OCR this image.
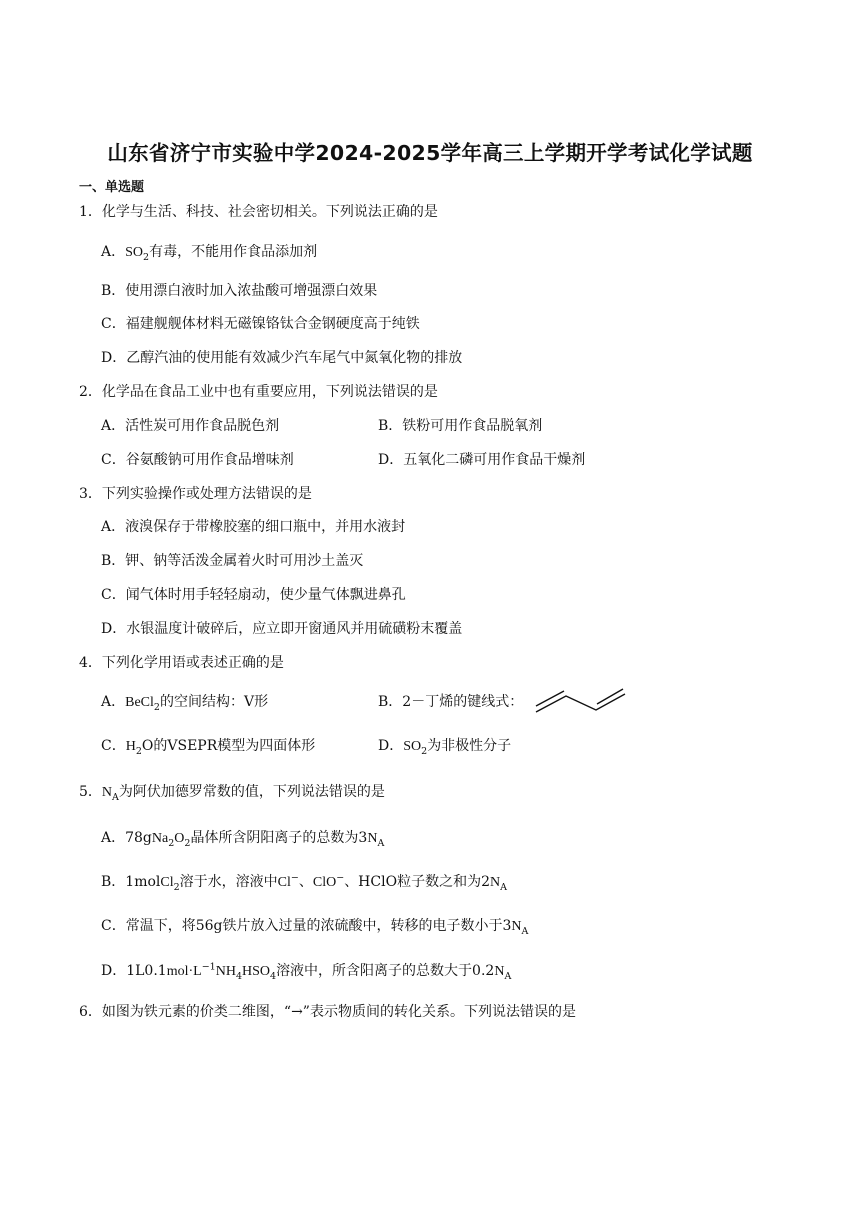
山东省济宁市实验中学2024-2025学年高三上学期开学考试化学试题
一、单选题
1．化学与生活、科技、社会密切相关。下列说法正确的是
A．$SO_2$有毒，不能用作食品添加剂
B．使用漂白液时加入浓盐酸可增强漂白效果
C．福建舰舰体材料无磁镍铬钛合金钢硬度高于纯铁
D．乙醇汽油的使用能有效减少汽车尾气中氮氧化物的排放
2．化学品在食品工业中也有重要应用，下列说法错误的是
A．活性炭可用作食品脱色剂	B．铁粉可用作食品脱氧剂
C．谷氨酸钠可用作食品增味剂	D．五氧化二磷可用作食品干燥剂
3．下列实验操作或处理方法错误的是
A．液溴保存于带橡胶塞的细口瓶中，并用水液封
B．钾、钠等活泼金属着火时可用沙土盖灭
C．闻气体时用手轻轻扇动，使少量气体飘进鼻孔
D．水银温度计破碎后，应立即开窗通风并用硫磺粉末覆盖
4．下列化学用语或表述正确的是
A．BeCl$_2$的空间结构：V形	B．2－丁烯的键线式：
C．$H_2O$的VSEPR模型为四面体形	D．$SO_2$为非极性分子
5．$N_A$为阿伏加德罗常数的值，下列说法错误的是
A．$78gNa_2O_2$晶体所含阴阳离子的总数为$3N_A$
B．1molCl$_2$溶于水，溶液中Cl−、ClO−、HClO粒子数之和为$2N_A$
C．常温下，将56g铁片放入过量的浓硫酸中，转移的电子数小于$3N_A$
D．$1L0.1mol\cdot L^{-1}NH_4HSO_4$溶液中，所含阳离子的总数大于$0.2N_A$
6．如图为铁元素的价类二维图，“→”表示物质间的转化关系。下列说法错误的是
